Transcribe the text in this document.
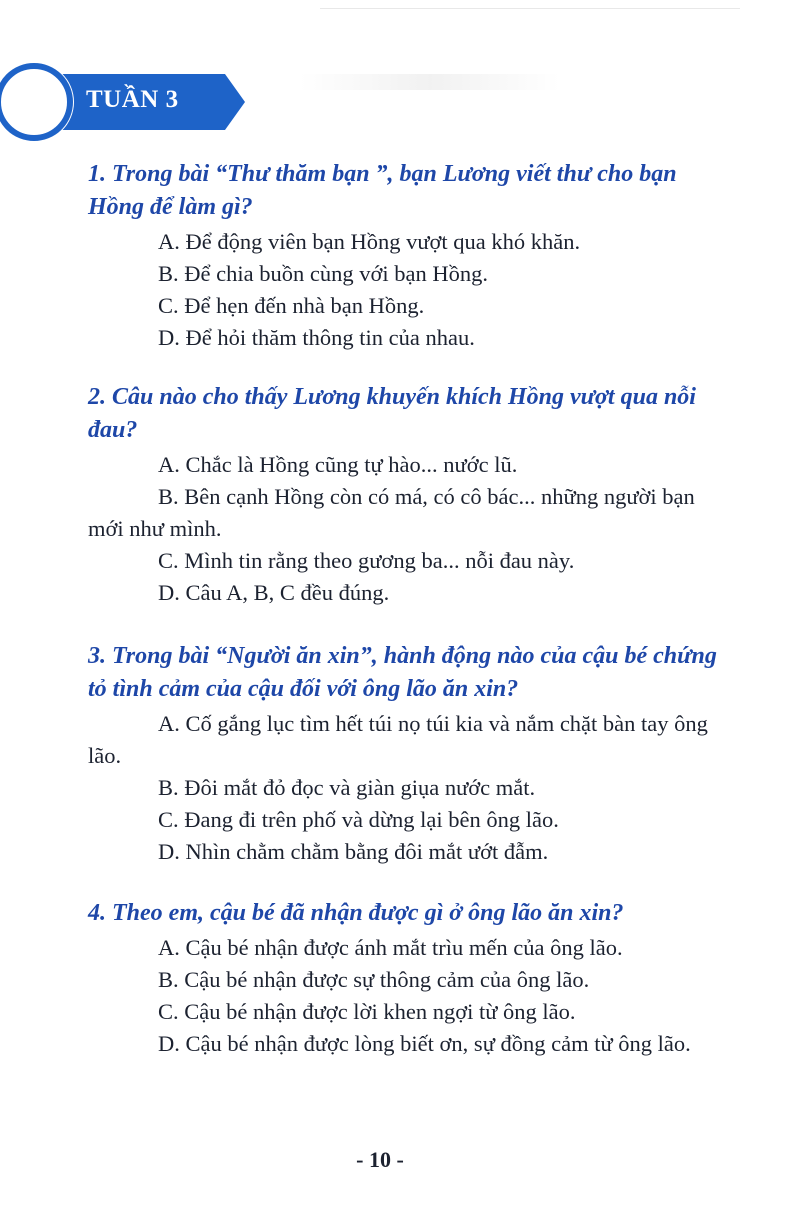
TUẦN 3

1. Trong bài “Thư thăm bạn ”, bạn Lương viết thư cho bạn Hồng để làm gì?

A. Để động viên bạn Hồng vượt qua khó khăn.

B. Để chia buồn cùng với bạn Hồng.

C. Để hẹn đến nhà bạn Hồng.

D. Để hỏi thăm thông tin của nhau.

2. Câu nào cho thấy Lương khuyến khích Hồng vượt qua nỗi đau?

A. Chắc là Hồng cũng tự hào... nước lũ.

B. Bên cạnh Hồng còn có má, có cô bác... những người bạn mới như mình.

C. Mình tin rằng theo gương ba... nỗi đau này.

D. Câu A, B, C đều đúng.

3. Trong bài “Người ăn xin”, hành động nào của cậu bé chứng tỏ tình cảm của cậu đối với ông lão ăn xin?

A. Cố gắng lục tìm hết túi nọ túi kia và nắm chặt bàn tay ông lão.

B. Đôi mắt đỏ đọc và giàn giụa nước mắt.

C. Đang đi trên phố và dừng lại bên ông lão.

D. Nhìn chằm chằm bằng đôi mắt ướt đẫm.

4. Theo em, cậu bé đã nhận được gì ở ông lão ăn xin?

A. Cậu bé nhận được ánh mắt trìu mến của ông lão.

B. Cậu bé nhận được sự thông cảm của ông lão.

C. Cậu bé nhận được lời khen ngợi từ ông lão.

D. Cậu bé nhận được lòng biết ơn, sự đồng cảm từ ông lão.

- 10 -
